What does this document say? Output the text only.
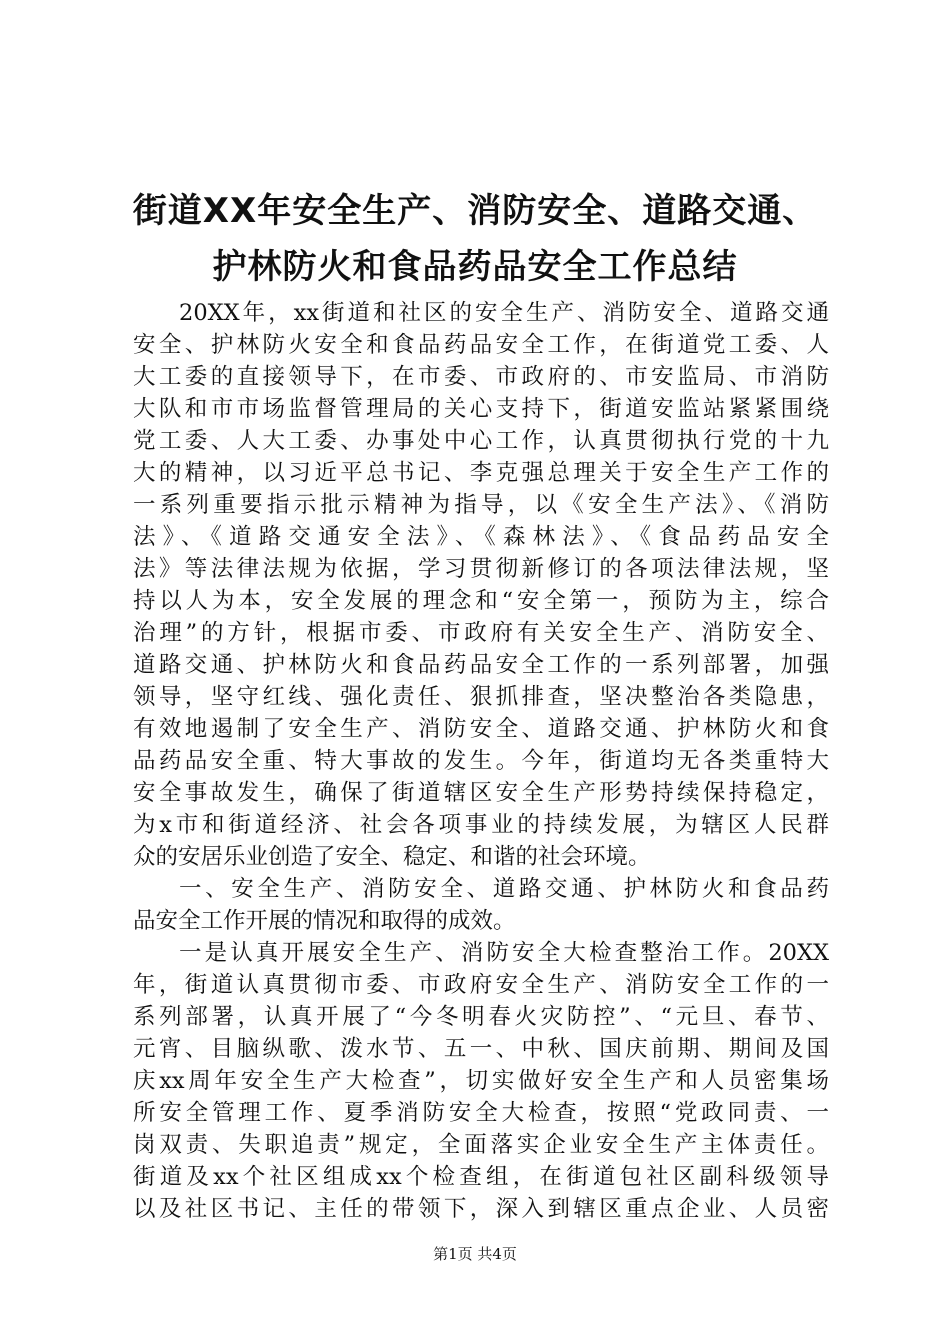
街道XX年安全生产、消防安全、道路交通、
护林防火和食品药品安全工作总结
20XX年，xx街道和社区的安全生产、消防安全、道路交通
安全、护林防火安全和食品药品安全工作，在街道党工委、人
大工委的直接领导下，在市委、市政府的、市安监局、市消防
大队和市市场监督管理局的关心支持下，街道安监站紧紧围绕
党工委、人大工委、办事处中心工作，认真贯彻执行党的十九
大的精神，以习近平总书记、李克强总理关于安全生产工作的
一系列重要指示批示精神为指导，以《安全生产法》、《消防
法》、《道路交通安全法》、《森林法》、《食品药品安全
法》等法律法规为依据，学习贯彻新修订的各项法律法规，坚
持以人为本，安全发展的理念和“安全第一，预防为主，综合
治理”的方针，根据市委、市政府有关安全生产、消防安全、
道路交通、护林防火和食品药品安全工作的一系列部署，加强
领导，坚守红线、强化责任、狠抓排查，坚决整治各类隐患，
有效地遏制了安全生产、消防安全、道路交通、护林防火和食
品药品安全重、特大事故的发生。今年，街道均无各类重特大
安全事故发生，确保了街道辖区安全生产形势持续保持稳定，
为x市和街道经济、社会各项事业的持续发展，为辖区人民群
众的安居乐业创造了安全、稳定、和谐的社会环境。
一、安全生产、消防安全、道路交通、护林防火和食品药
品安全工作开展的情况和取得的成效。
一是认真开展安全生产、消防安全大检查整治工作。20XX
年，街道认真贯彻市委、市政府安全生产、消防安全工作的一
系列部署，认真开展了“今冬明春火灾防控”、“元旦、春节、
元宵、目脑纵歌、泼水节、五一、中秋、国庆前期、期间及国
庆xx周年安全生产大检查”，切实做好安全生产和人员密集场
所安全管理工作、夏季消防安全大检查，按照“党政同责、一
岗双责、失职追责”规定，全面落实企业安全生产主体责任。
街道及xx个社区组成xx个检查组，在街道包社区副科级领导
以及社区书记、主任的带领下，深入到辖区重点企业、人员密
第1页 共4页
